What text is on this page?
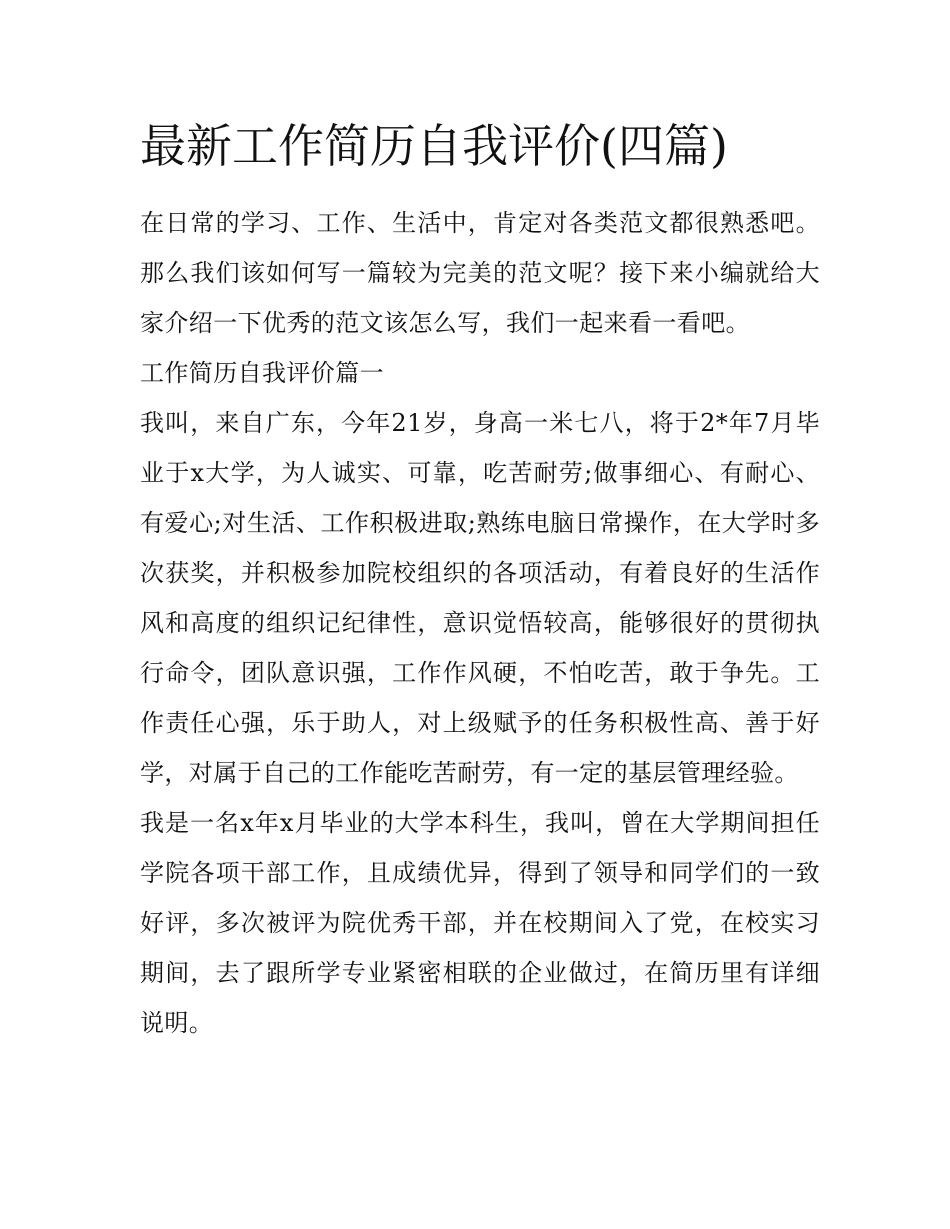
最新工作简历自我评价(四篇)

在日常的学习、工作、生活中，肯定对各类范文都很熟悉吧。那么我们该如何写一篇较为完美的范文呢？接下来小编就给大家介绍一下优秀的范文该怎么写，我们一起来看一看吧。

工作简历自我评价篇一

我叫，来自广东，今年21岁，身高一米七八，将于2*年7月毕业于x大学，为人诚实、可靠，吃苦耐劳;做事细心、有耐心、有爱心;对生活、工作积极进取;熟练电脑日常操作，在大学时多次获奖，并积极参加院校组织的各项活动，有着良好的生活作风和高度的组织记纪律性，意识觉悟较高，能够很好的贯彻执行命令，团队意识强，工作作风硬，不怕吃苦，敢于争先。工作责任心强，乐于助人，对上级赋予的任务积极性高、善于好学，对属于自己的工作能吃苦耐劳，有一定的基层管理经验。

我是一名x年x月毕业的大学本科生，我叫，曾在大学期间担任学院各项干部工作，且成绩优异，得到了领导和同学们的一致好评，多次被评为院优秀干部，并在校期间入了党，在校实习期间，去了跟所学专业紧密相联的企业做过，在简历里有详细说明。
